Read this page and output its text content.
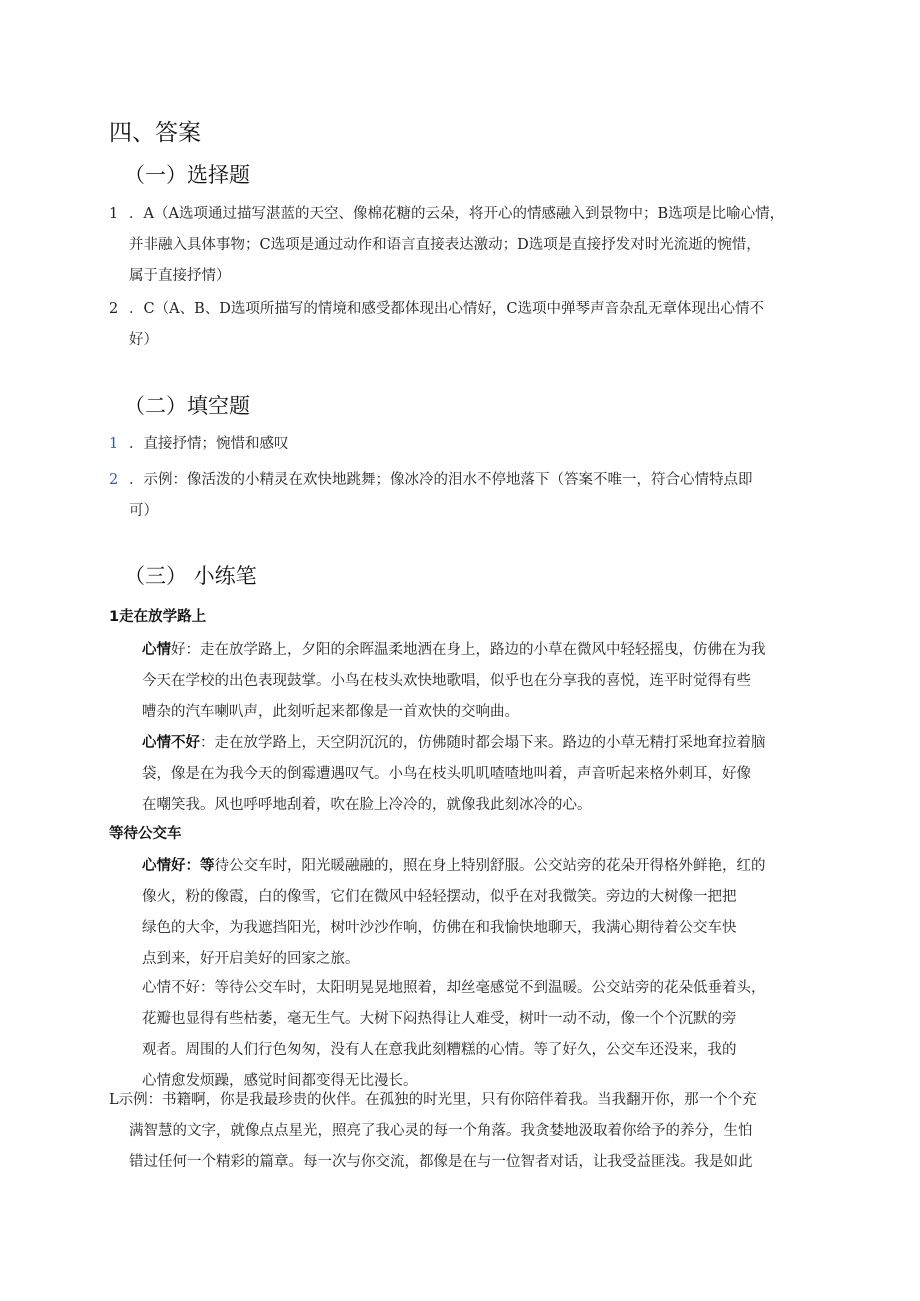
四、答案
（一）选择题
1 ．A（A选项通过描写湛蓝的天空、像棉花糖的云朵，将开心的情感融入到景物中；B选项是比喻心情，
并非融入具体事物；C选项是通过动作和语言直接表达激动；D选项是直接抒发对时光流逝的惋惜，
属于直接抒情）
2 ．C（A、B、D选项所描写的情境和感受都体现出心情好，C选项中弹琴声音杂乱无章体现出心情不
好）
（二）填空题
1 ．直接抒情；惋惜和感叹
2 ．示例：像活泼的小精灵在欢快地跳舞；像冰冷的泪水不停地落下（答案不唯一，符合心情特点即
可）
（三） 小练笔
1走在放学路上
心情好：走在放学路上，夕阳的余晖温柔地洒在身上，路边的小草在微风中轻轻摇曳，仿佛在为我
今天在学校的出色表现鼓掌。小鸟在枝头欢快地歌唱，似乎也在分享我的喜悦，连平时觉得有些
嘈杂的汽车喇叭声，此刻听起来都像是一首欢快的交响曲。
心情不好：走在放学路上，天空阴沉沉的，仿佛随时都会塌下来。路边的小草无精打采地耷拉着脑
袋，像是在为我今天的倒霉遭遇叹气。小鸟在枝头叽叽喳喳地叫着，声音听起来格外刺耳，好像
在嘲笑我。风也呼呼地刮着，吹在脸上冷冷的，就像我此刻冰冷的心。
等待公交车
心情好：等待公交车时，阳光暖融融的，照在身上特别舒服。公交站旁的花朵开得格外鲜艳，红的
像火，粉的像霞，白的像雪，它们在微风中轻轻摆动，似乎在对我微笑。旁边的大树像一把把
绿色的大伞，为我遮挡阳光，树叶沙沙作响，仿佛在和我愉快地聊天，我满心期待着公交车快
点到来，好开启美好的回家之旅。
心情不好：等待公交车时，太阳明晃晃地照着，却丝毫感觉不到温暖。公交站旁的花朵低垂着头，
花瓣也显得有些枯萎，毫无生气。大树下闷热得让人难受，树叶一动不动，像一个个沉默的旁
观者。周围的人们行色匆匆，没有人在意我此刻糟糕的心情。等了好久，公交车还没来，我的
心情愈发烦躁，感觉时间都变得无比漫长。
L示例：书籍啊，你是我最珍贵的伙伴。在孤独的时光里，只有你陪伴着我。当我翻开你，那一个个充
满智慧的文字，就像点点星光，照亮了我心灵的每一个角落。我贪婪地汲取着你给予的养分，生怕
错过任何一个精彩的篇章。每一次与你交流，都像是在与一位智者对话，让我受益匪浅。我是如此
